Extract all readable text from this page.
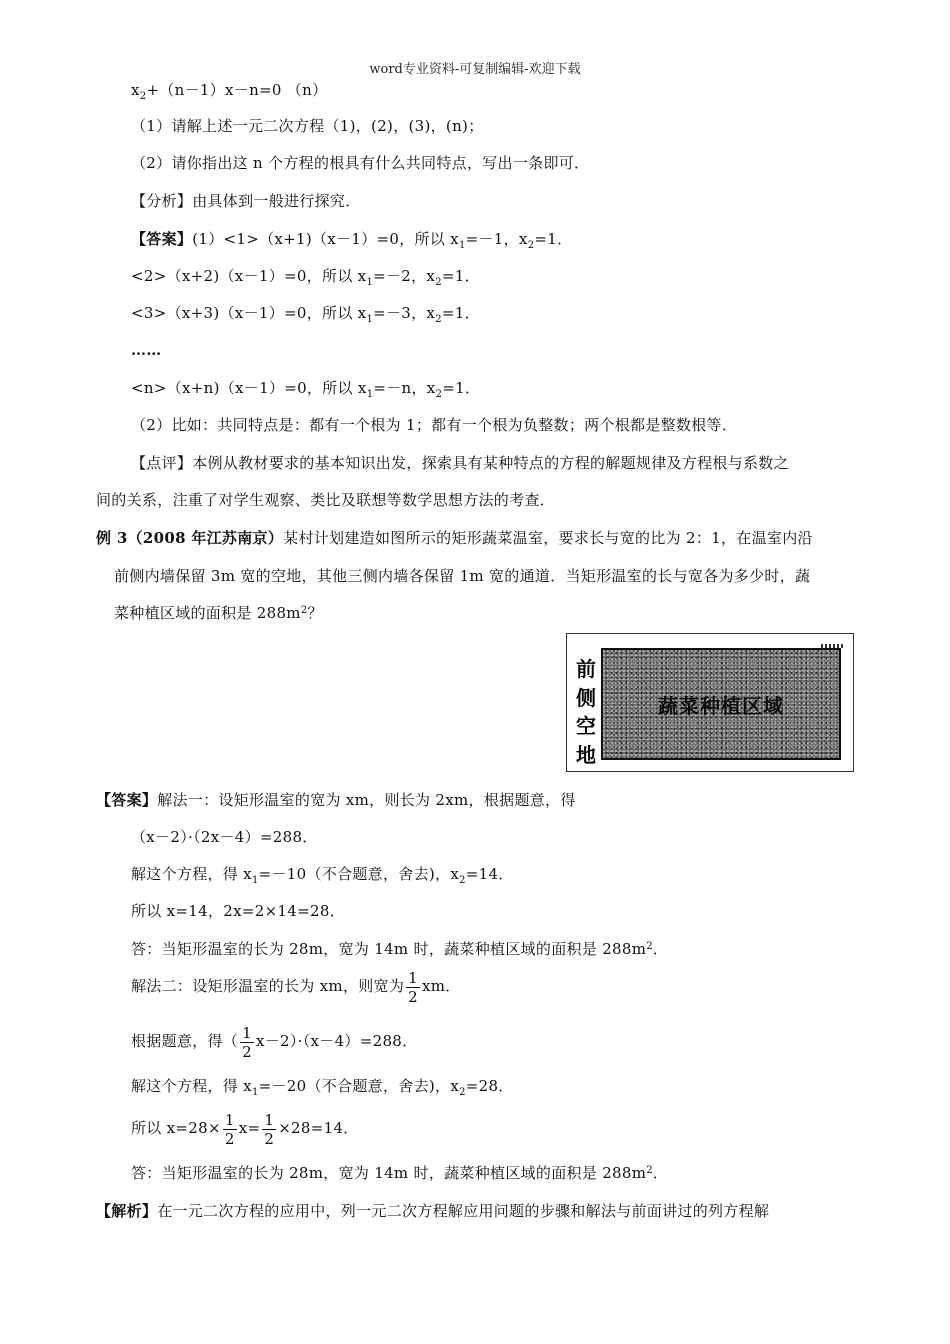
word专业资料-可复制编辑-欢迎下载
$x_2+(n-1)x-n=0$ （n）
（1）请解上述一元二次方程（1)，(2)，(3)，(n)；
（2）请你指出这 n 个方程的根具有什么共同特点，写出一条即可．
【分析】由具体到一般进行探究．
【答案】(1）<1>（x+1)（x－1）=0，所以 $x_1=-1$，$x_2=1$．
<2>（x+2)（x－1）=0，所以 $x_1=-2$，$x_2=1$．
<3>（x+3)（x－1）=0，所以 $x_1=-3$，$x_2=1$．
……
<n>（x+n)（x－1）=0，所以 $x_1=-n$，$x_2=1$．
（2）比如：共同特点是：都有一个根为 1；都有一个根为负整数；两个根都是整数根等．
【点评】本例从教材要求的基本知识出发，探索具有某种特点的方程的解题规律及方程根与系数之
间的关系，注重了对学生观察、类比及联想等数学思想方法的考查．
例 3（2008 年江苏南京）某村计划建造如图所示的矩形蔬菜温室，要求长与宽的比为 2：1，在温室内沿
前侧内墙保留 3m 宽的空地，其他三侧内墙各保留 1m 宽的通道．当矩形温室的长与宽各为多少时，蔬
菜种植区域的面积是 $288m^2$？
前
侧
空
地
蔬菜种植区域
【答案】解法一：设矩形温室的宽为 xm，则长为 2xm，根据题意，得
（x－2）·（2x－4）=288．
解这个方程，得 $x_1=-10$（不合题意，舍去)，$x_2=14$．
所以 x=14，2x=2×14=28．
答：当矩形温室的长为 28m，宽为 14m 时，蔬菜种植区域的面积是 $288m^2$．
解法二：设矩形温室的长为 xm，则宽为 $\frac{1}{2}$ xm．
根据题意，得（ $\frac{1}{2} x-2)\cdot(x-4)=288$．
解这个方程，得 $x_1=-20$（不合题意，舍去)，$x_2=28$．
所以 $x=28\times \frac{1}{2} x= \frac{1}{2} \times 28=14$．
答：当矩形温室的长为 28m，宽为 14m 时，蔬菜种植区域的面积是 $288m^2$．
【解析】在一元二次方程的应用中，列一元二次方程解应用问题的步骤和解法与前面讲过的列方程解
